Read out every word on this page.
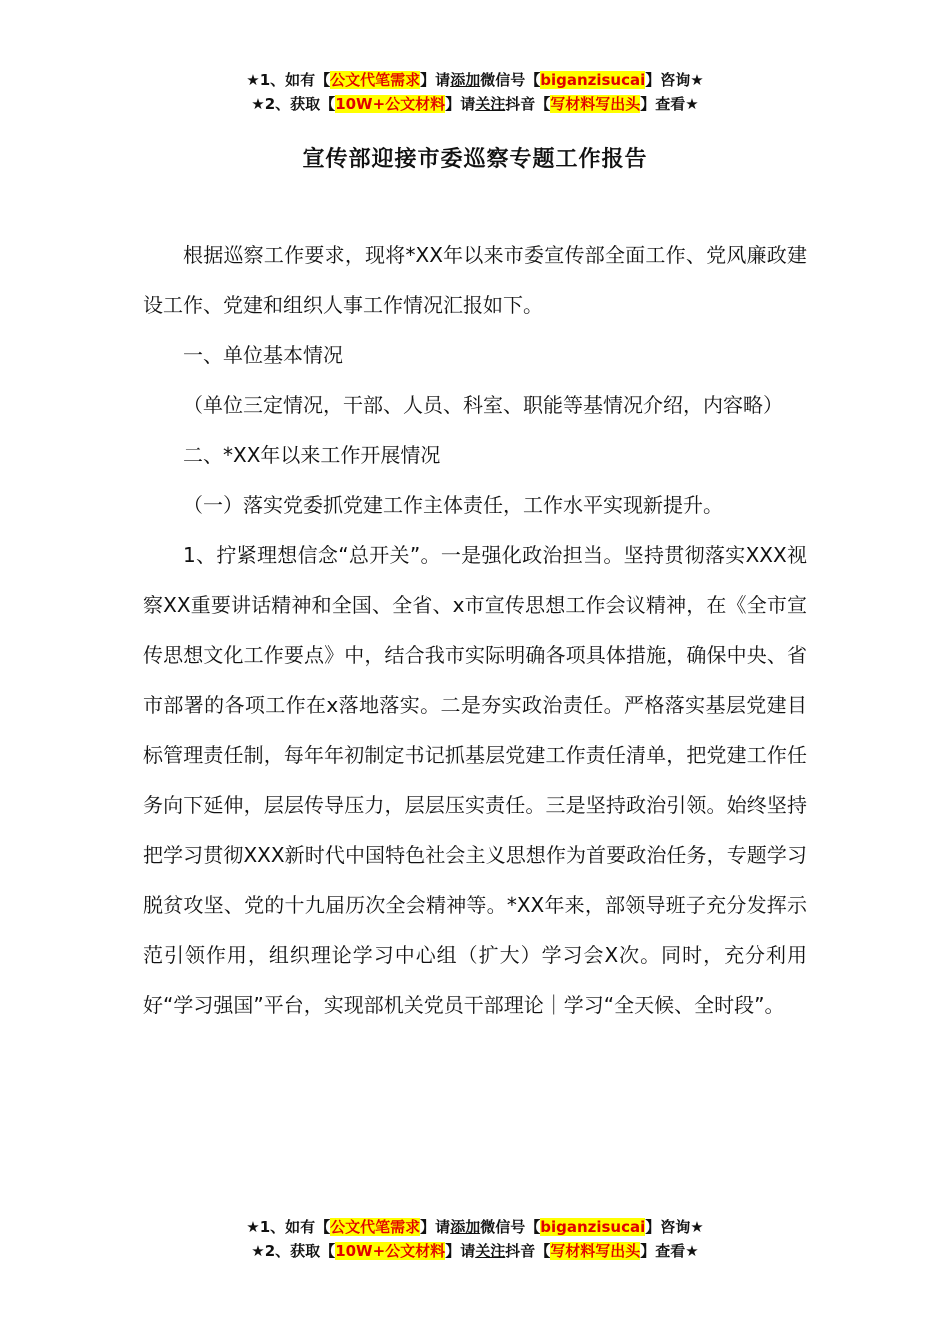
★1、如有【公文代笔需求】请添加微信号【biganzisucai】咨询★
★2、获取【10W+公文材料】请关注抖音【写材料写出头】查看★
宣传部迎接市委巡察专题工作报告

根据巡察工作要求，现将*XX年以来市委宣传部全面工作、党风廉政建设工作、党建和组织人事工作情况汇报如下。

一、单位基本情况

（单位三定情况，干部、人员、科室、职能等基情况介绍，内容略）

二、*XX年以来工作开展情况

（一）落实党委抓党建工作主体责任，工作水平实现新提升。

1、拧紧理想信念“总开关”。一是强化政治担当。坚持贯彻落实XXX视察XX重要讲话精神和全国、全省、x市宣传思想工作会议精神，在《全市宣传思想文化工作要点》中，结合我市实际明确各项具体措施，确保中央、省市部署的各项工作在x落地落实。二是夯实政治责任。严格落实基层党建目标管理责任制，每年年初制定书记抓基层党建工作责任清单，把党建工作任务向下延伸，层层传导压力，层层压实责任。三是坚持政治引领。始终坚持把学习贯彻XXX新时代中国特色社会主义思想作为首要政治任务，专题学习脱贫攻坚、党的十九届历次全会精神等。*XX年来，部领导班子充分发挥示范引领作用，组织理论学习中心组（扩大）学习会X次。同时，充分利用好“学习强国”平台，实现部机关党员干部理论｜学习“全天候、全时段”。

★1、如有【公文代笔需求】请添加微信号【biganzisucai】咨询★
★2、获取【10W+公文材料】请关注抖音【写材料写出头】查看★
